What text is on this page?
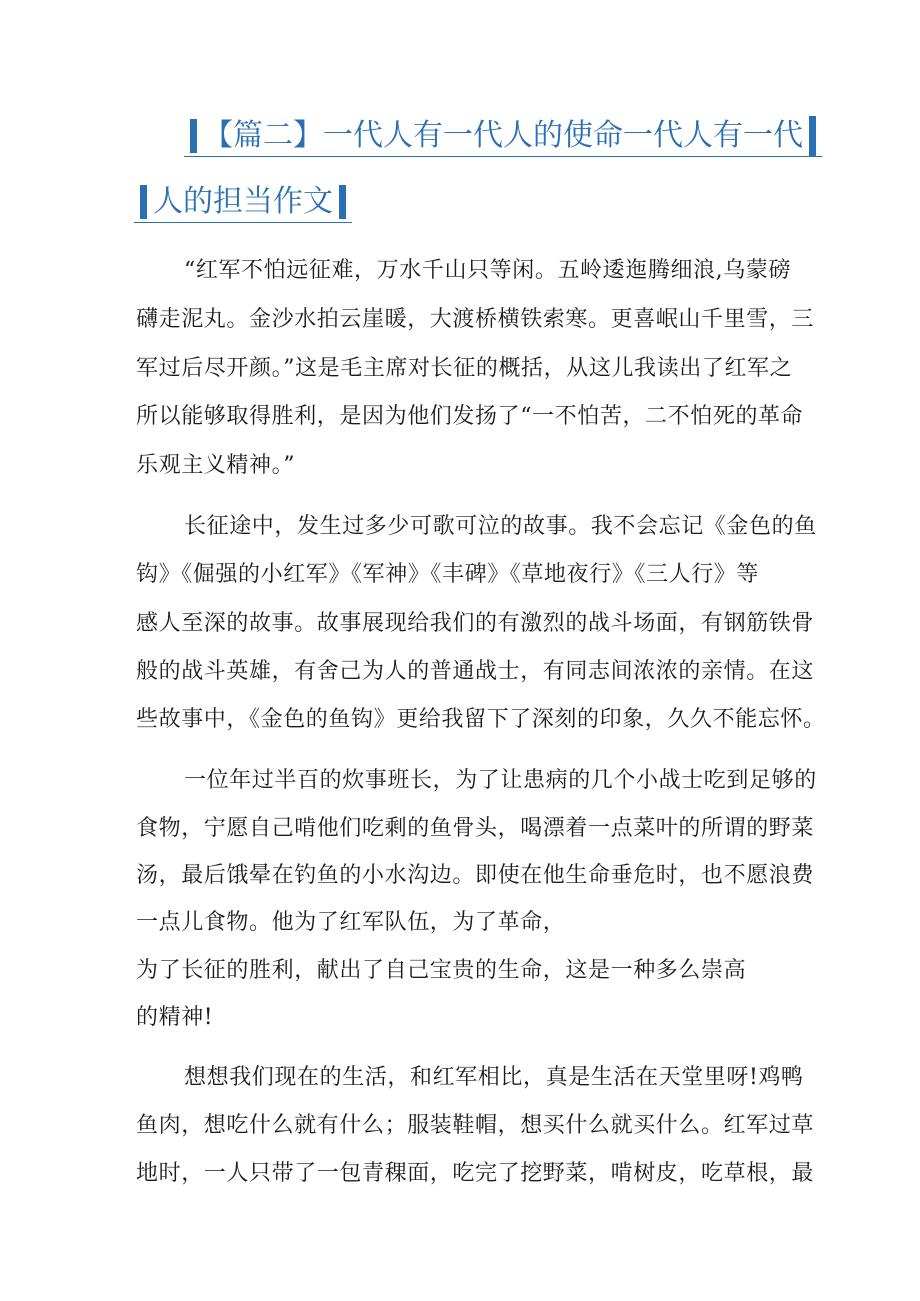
【篇二】一代人有一代人的使命一代人有一代
人的担当作文
“红军不怕远征难，万水千山只等闲。五岭逶迤腾细浪,乌蒙磅
礴走泥丸。金沙水拍云崖暖，大渡桥横铁索寒。更喜岷山千里雪，三
军过后尽开颜。”这是毛主席对长征的概括，从这儿我读出了红军之
所以能够取得胜利，是因为他们发扬了“一不怕苦，二不怕死的革命
乐观主义精神。”
长征途中，发生过多少可歌可泣的故事。我不会忘记《金色的鱼
钩》《倔强的小红军》《军神》《丰碑》《草地夜行》《三人行》等
感人至深的故事。故事展现给我们的有激烈的战斗场面，有钢筋铁骨
般的战斗英雄，有舍己为人的普通战士，有同志间浓浓的亲情。在这
些故事中，《金色的鱼钩》更给我留下了深刻的印象，久久不能忘怀。
一位年过半百的炊事班长，为了让患病的几个小战士吃到足够的
食物，宁愿自己啃他们吃剩的鱼骨头，喝漂着一点菜叶的所谓的野菜
汤，最后饿晕在钓鱼的小水沟边。即使在他生命垂危时，也不愿浪费
一点儿食物。他为了红军队伍，为了革命，
为了长征的胜利，献出了自己宝贵的生命，这是一种多么崇高
的精神!
想想我们现在的生活，和红军相比，真是生活在天堂里呀!鸡鸭
鱼肉，想吃什么就有什么；服装鞋帽，想买什么就买什么。红军过草
地时，一人只带了一包青稞面，吃完了挖野菜，啃树皮，吃草根，最
